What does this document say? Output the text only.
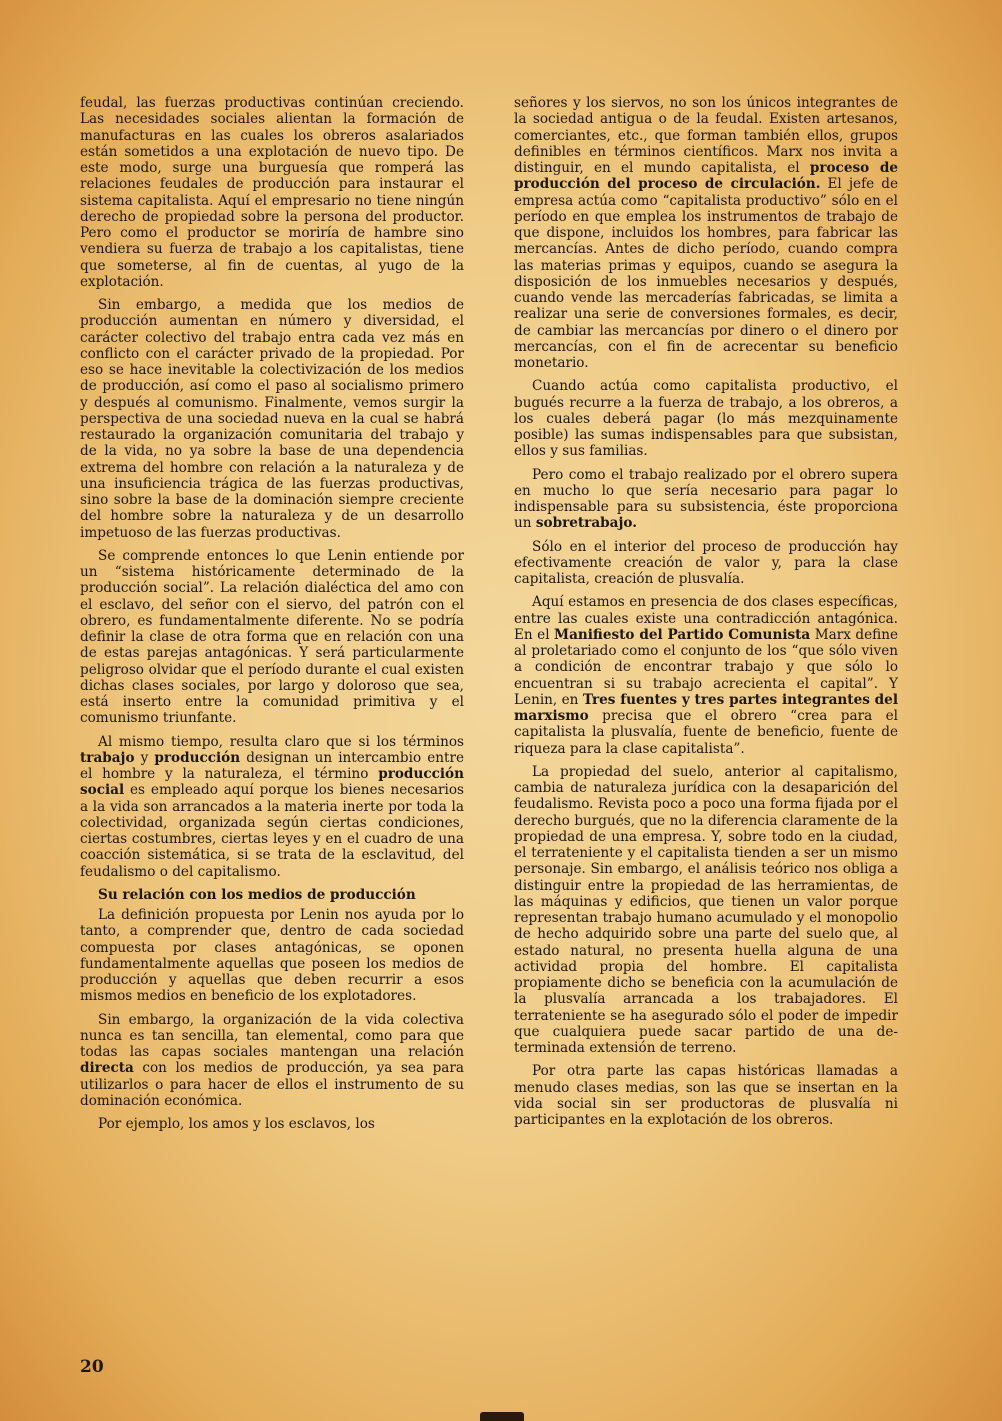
feudal, las fuerzas productivas continúan creciendo. Las necesidades sociales alientan la formación de manufacturas en las cuales los obreros asalariados están sometidos a una explotación de nuevo tipo. De este modo, surge una burguesía que romperá las relaciones feudales de producción para instaurar el sistema capitalista. Aquí el empresario no tiene ningún derecho de propiedad sobre la persona del productor. Pero como el productor se moriría de hambre sino vendiera su fuerza de trabajo a los capitalistas, tiene que someterse, al fin de cuentas, al yugo de la explotación.

Sin embargo, a medida que los medios de producción aumentan en número y diversidad, el carácter colectivo del trabajo entra cada vez más en conflicto con el carácter privado de la propiedad. Por eso se hace inevitable la colectivización de los medios de producción, así como el paso al socialismo primero y después al comunismo. Finalmente, vemos surgir la perspectiva de una sociedad nueva en la cual se habrá restaurado la organización comunitaria del trabajo y de la vida, no ya sobre la base de una dependencia extrema del hombre con relación a la naturaleza y de una insuficiencia trágica de las fuerzas productivas, sino sobre la base de la dominación siempre creciente del hombre sobre la naturaleza y de un desarrollo impetuoso de las fuerzas productivas.

Se comprende entonces lo que Lenin entiende por un “sistema históricamente determinado de la producción social”. La relación dialéctica del amo con el esclavo, del señor con el siervo, del patrón con el obrero, es fundamentalmente diferente. No se podría definir la clase de otra forma que en relación con una de estas parejas antagónicas. Y será particularmente peligroso olvidar que el período durante el cual existen dichas clases sociales, por largo y doloroso que sea, está inserto entre la comunidad primitiva y el comunismo triunfante.

Al mismo tiempo, resulta claro que si los términos trabajo y producción designan un intercambio entre el hombre y la naturaleza, el término producción social es empleado aquí porque los bienes necesarios a la vida son arrancados a la materia inerte por toda la colectividad, organizada según ciertas condiciones, ciertas costumbres, ciertas leyes y en el cuadro de una coacción sistemática, si se trata de la esclavitud, del feudalismo o del capitalismo.

Su relación con los medios de producción

La definición propuesta por Lenin nos ayuda por lo tanto, a comprender que, dentro de cada sociedad compuesta por clases antagónicas, se oponen fundamentalmente aquellas que poseen los medios de producción y aquellas que deben recurrir a esos mismos medios en beneficio de los explotadores.

Sin embargo, la organización de la vida colectiva nunca es tan sencilla, tan elemental, como para que todas las capas sociales mantengan una relación directa con los medios de producción, ya sea para utilizarlos o para hacer de ellos el instrumento de su dominación económica.

Por ejemplo, los amos y los esclavos, los

señores y los siervos, no son los únicos integrantes de la sociedad antigua o de la feudal. Existen artesanos, comerciantes, etc., que forman también ellos, grupos definibles en términos científicos. Marx nos invita a distinguir, en el mundo capitalista, el proceso de producción del proceso de circulación. El jefe de empresa actúa como “capitalista productivo” sólo en el período en que emplea los instrumentos de trabajo de que dispone, incluidos los hombres, para fabricar las mercancías. Antes de dicho período, cuando compra las materias primas y equipos, cuando se asegura la disposición de los inmuebles necesarios y después, cuando vende las mercaderías fabricadas, se limita a realizar una serie de conversiones formales, es decir, de cambiar las mercancías por dinero o el dinero por mercancías, con el fin de acrecentar su beneficio monetario.

Cuando actúa como capitalista productivo, el bugués recurre a la fuerza de trabajo, a los obreros, a los cuales deberá pagar (lo más mezquinamente posible) las sumas indispensables para que subsistan, ellos y sus familias.

Pero como el trabajo realizado por el obrero supera en mucho lo que sería necesario para pagar lo indispensable para su subsistencia, éste proporciona un sobretrabajo.

Sólo en el interior del proceso de producción hay efectivamente creación de valor y, para la clase capitalista, creación de plusvalía.

Aquí estamos en presencia de dos clases específicas, entre las cuales existe una contradicción antagónica. En el Manifiesto del Partido Comunista Marx define al proletariado como el conjunto de los “que sólo viven a condición de encontrar trabajo y que sólo lo encuentran si su trabajo acrecienta el capital”. Y Lenin, en Tres fuentes y tres partes integrantes del marxismo precisa que el obrero “crea para el capitalista la plusvalía, fuente de beneficio, fuente de riqueza para la clase capitalista”.

La propiedad del suelo, anterior al capitalismo, cambia de naturaleza jurídica con la desaparición del feudalismo. Revista poco a poco una forma fijada por el derecho burgués, que no la diferencia claramente de la propiedad de una empresa. Y, sobre todo en la ciudad, el terrateniente y el capitalista tienden a ser un mismo personaje. Sin embargo, el análisis teórico nos obliga a distinguir entre la propiedad de las herramientas, de las máquinas y edificios, que tienen un valor porque representan trabajo humano acumulado y el monopolio de hecho adquirido sobre una parte del suelo que, al estado natural, no presenta huella alguna de una actividad propia del hombre. El capitalista propiamente dicho se beneficia con la acumulación de la plusvalía arrancada a los trabajadores. El terrateniente se ha asegurado sólo el poder de impedir que cualquiera puede sacar partido de una determinada extensión de terreno.

Por otra parte las capas históricas llamadas a menudo clases medias, son las que se insertan en la vida social sin ser productoras de plusvalía ni participantes en la explotación de los obreros.

20
